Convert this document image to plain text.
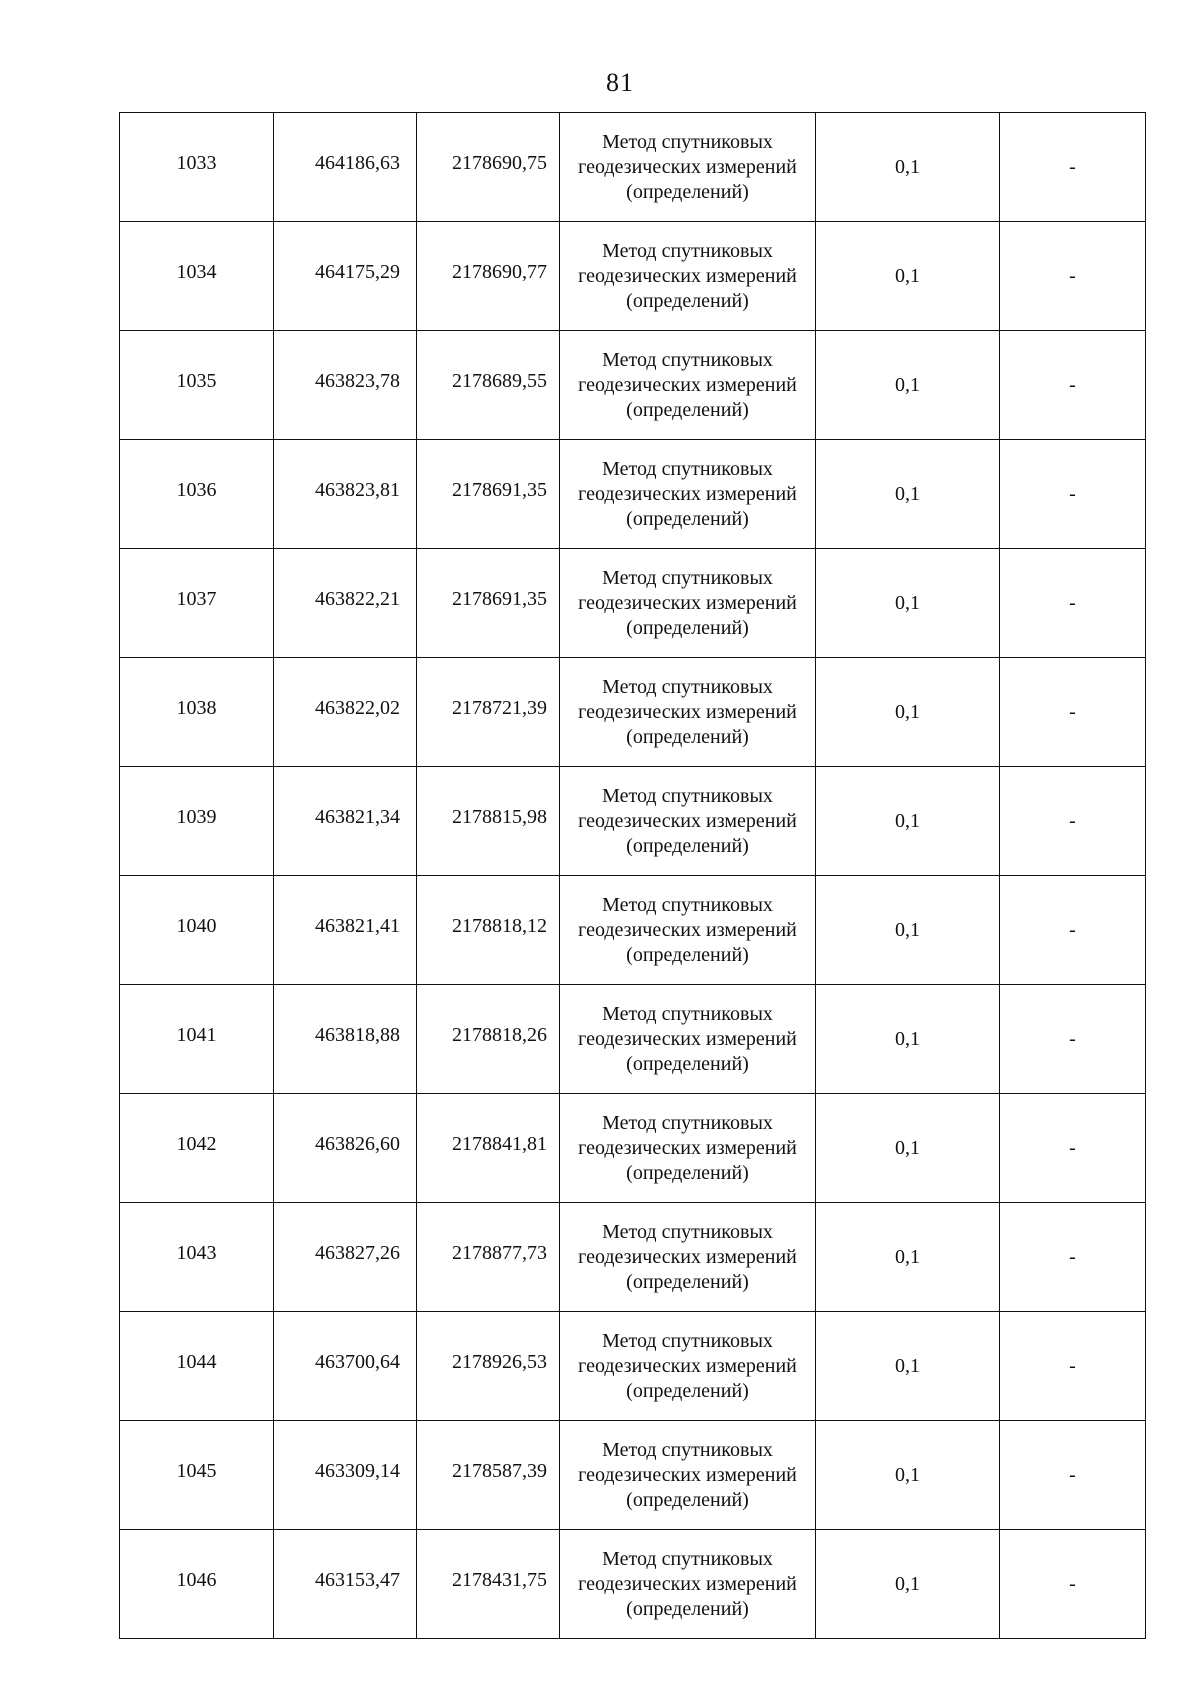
81
1033	464186,63	2178690,75	Метод спутниковых
геодезических измерений
(определений)	0,1	-
1034	464175,29	2178690,77	Метод спутниковых
геодезических измерений
(определений)	0,1	-
1035	463823,78	2178689,55	Метод спутниковых
геодезических измерений
(определений)	0,1	-
1036	463823,81	2178691,35	Метод спутниковых
геодезических измерений
(определений)	0,1	-
1037	463822,21	2178691,35	Метод спутниковых
геодезических измерений
(определений)	0,1	-
1038	463822,02	2178721,39	Метод спутниковых
геодезических измерений
(определений)	0,1	-
1039	463821,34	2178815,98	Метод спутниковых
геодезических измерений
(определений)	0,1	-
1040	463821,41	2178818,12	Метод спутниковых
геодезических измерений
(определений)	0,1	-
1041	463818,88	2178818,26	Метод спутниковых
геодезических измерений
(определений)	0,1	-
1042	463826,60	2178841,81	Метод спутниковых
геодезических измерений
(определений)	0,1	-
1043	463827,26	2178877,73	Метод спутниковых
геодезических измерений
(определений)	0,1	-
1044	463700,64	2178926,53	Метод спутниковых
геодезических измерений
(определений)	0,1	-
1045	463309,14	2178587,39	Метод спутниковых
геодезических измерений
(определений)	0,1	-
1046	463153,47	2178431,75	Метод спутниковых
геодезических измерений
(определений)	0,1	-
